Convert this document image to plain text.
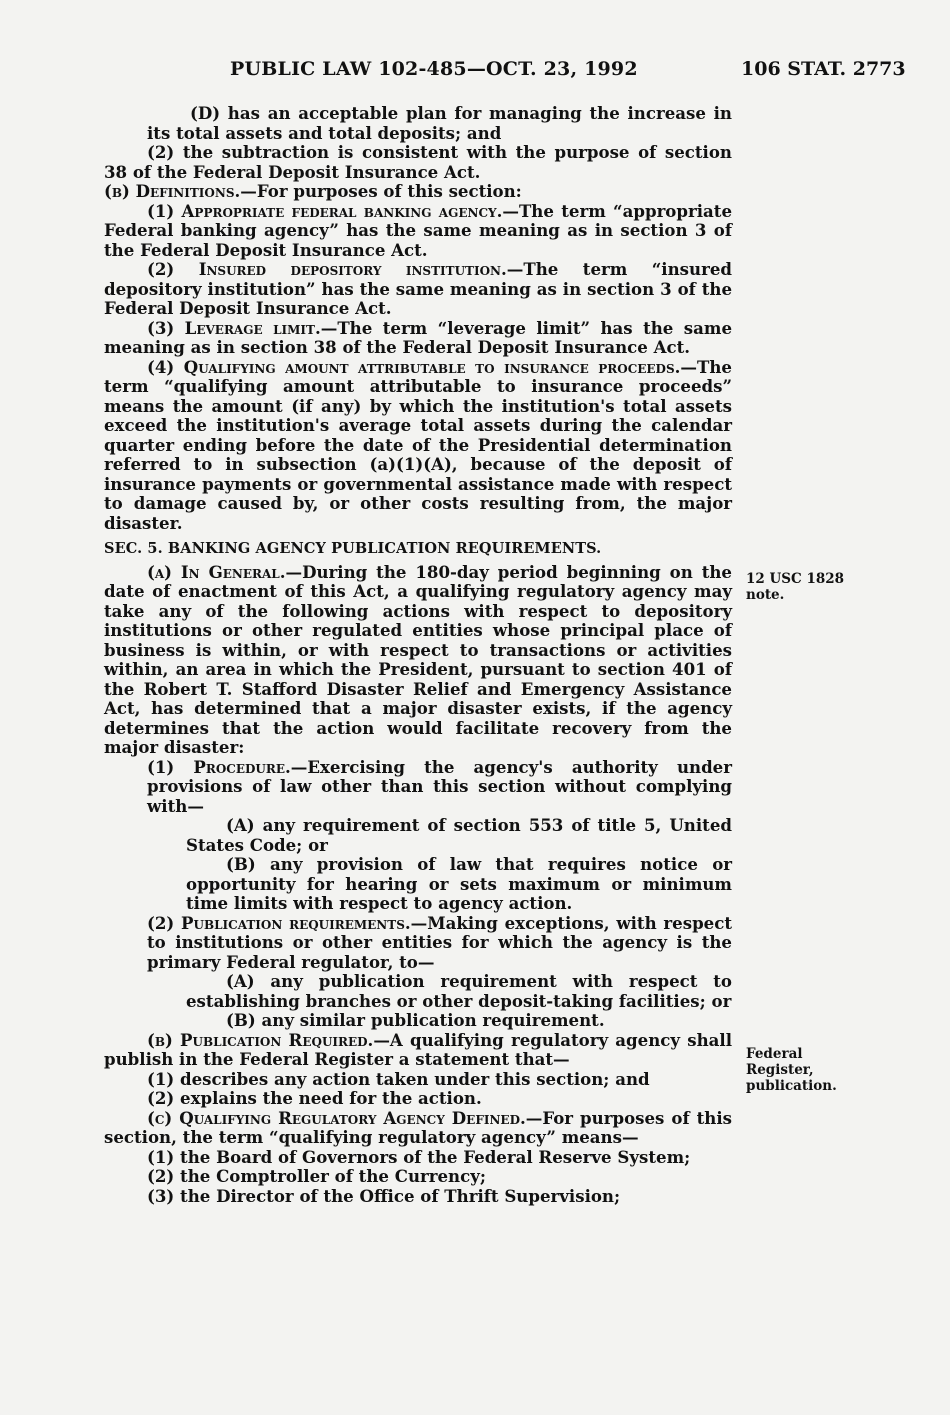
PUBLIC LAW 102-485—OCT. 23, 1992	106 STAT. 2773

(D) has an acceptable plan for managing the increase in its total assets and total deposits; and

(2) the subtraction is consistent with the purpose of section 38 of the Federal Deposit Insurance Act.

(b) Definitions.—For purposes of this section:

(1) Appropriate federal banking agency.—The term “appropriate Federal banking agency” has the same meaning as in section 3 of the Federal Deposit Insurance Act.

(2) Insured depository institution.—The term “insured depository institution” has the same meaning as in section 3 of the Federal Deposit Insurance Act.

(3) Leverage limit.—The term “leverage limit” has the same meaning as in section 38 of the Federal Deposit Insurance Act.

(4) Qualifying amount attributable to insurance proceeds.—The term “qualifying amount attributable to insurance proceeds” means the amount (if any) by which the institution's total assets exceed the institution's average total assets during the calendar quarter ending before the date of the Presidential determination referred to in subsection (a)(1)(A), because of the deposit of insurance payments or governmental assistance made with respect to damage caused by, or other costs resulting from, the major disaster.

SEC. 5. BANKING AGENCY PUBLICATION REQUIREMENTS.

(a) In General.—During the 180-day period beginning on the date of enactment of this Act, a qualifying regulatory agency may take any of the following actions with respect to depository institutions or other regulated entities whose principal place of business is within, or with respect to transactions or activities within, an area in which the President, pursuant to section 401 of the Robert T. Stafford Disaster Relief and Emergency Assistance Act, has determined that a major disaster exists, if the agency determines that the action would facilitate recovery from the major disaster:

(1) Procedure.—Exercising the agency's authority under provisions of law other than this section without complying with—

(A) any requirement of section 553 of title 5, United States Code; or

(B) any provision of law that requires notice or opportunity for hearing or sets maximum or minimum time limits with respect to agency action.

(2) Publication requirements.—Making exceptions, with respect to institutions or other entities for which the agency is the primary Federal regulator, to—

(A) any publication requirement with respect to establishing branches or other deposit-taking facilities; or

(B) any similar publication requirement.

(b) Publication Required.—A qualifying regulatory agency shall publish in the Federal Register a statement that—

(1) describes any action taken under this section; and

(2) explains the need for the action.

(c) Qualifying Regulatory Agency Defined.—For purposes of this section, the term “qualifying regulatory agency” means—

(1) the Board of Governors of the Federal Reserve System;

(2) the Comptroller of the Currency;

(3) the Director of the Office of Thrift Supervision;

12 USC 1828
note.
Federal
Register,
publication.
